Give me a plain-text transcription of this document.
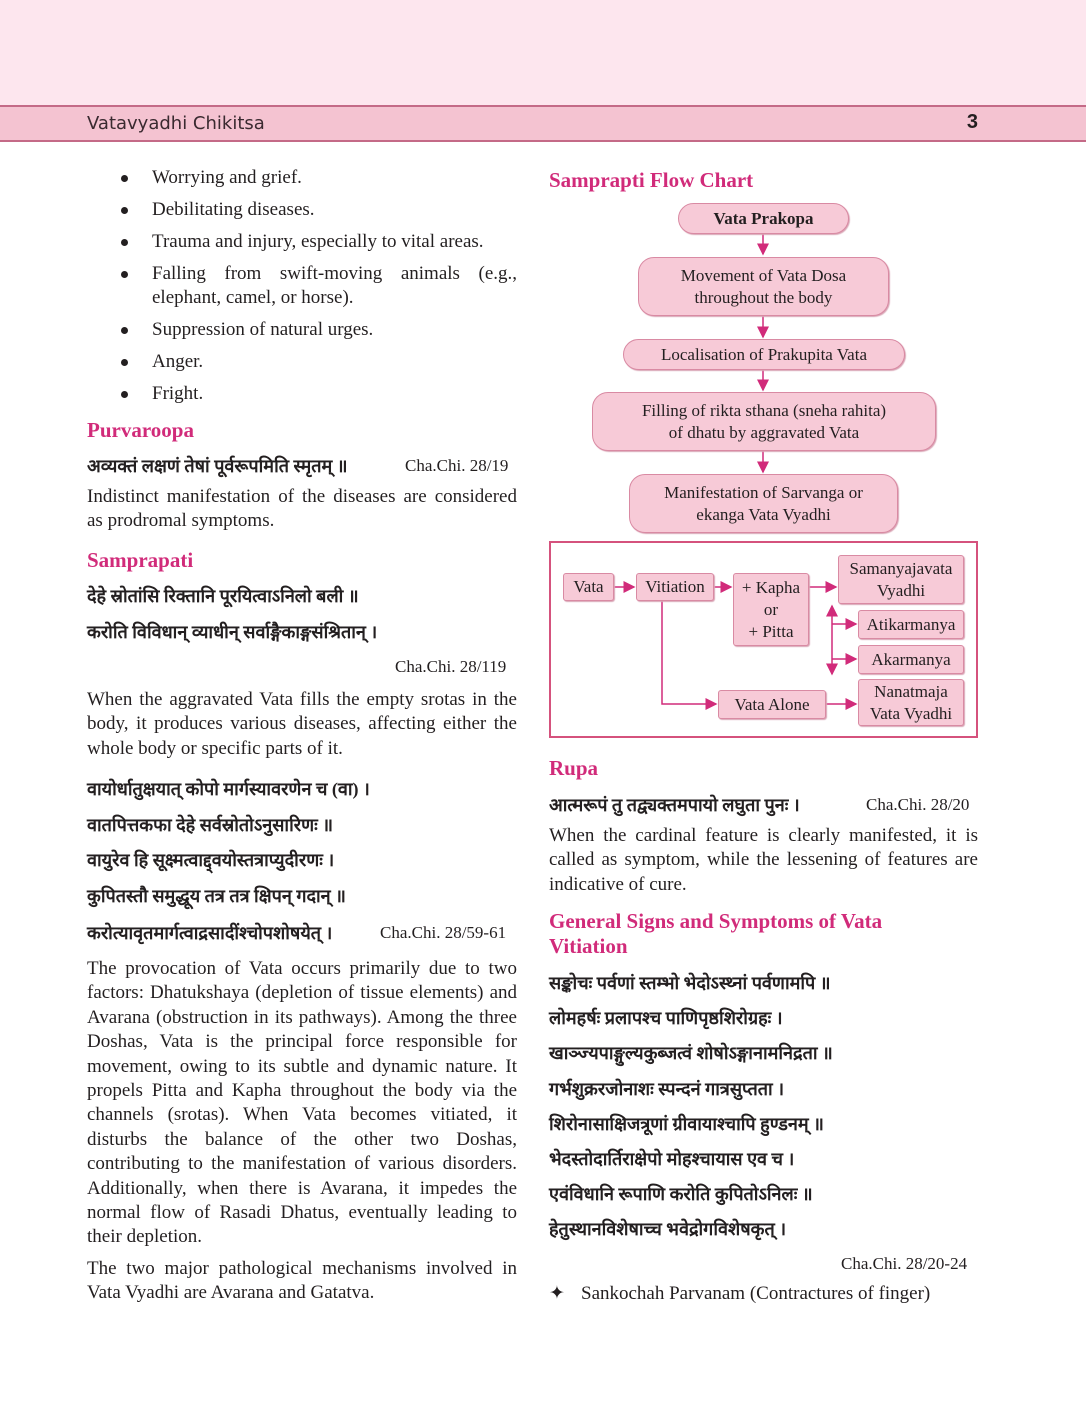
Vatavyadhi Chikitsa	3
Worrying and grief.
Debilitating diseases.
Trauma and injury, especially to vital areas.
Falling from swift-moving animals (e.g., elephant, camel, or horse).
Suppression of natural urges.
Anger.
Fright.
Purvaroopa
अव्यक्तं लक्षणं तेषां पूर्वरूपमिति स्मृतम् ॥	Cha.Chi. 28/19
Indistinct manifestation of the diseases are considered as prodromal symptoms.
Samprapati
देहे स्रोतांसि रिक्तानि पूरयित्वाऽनिलो बली ॥
करोति विविधान् व्याधीन् सर्वाङ्गैकाङ्गसंश्रितान् ।
Cha.Chi. 28/119
When the aggravated Vata fills the empty srotas in the body, it produces various diseases, affecting either the whole body or specific parts of it.
वायोर्धातुक्षयात् कोपो मार्गस्यावरणेन च (वा) ।
वातपित्तकफा देहे सर्वस्रोतोऽनुसारिणः ॥
वायुरेव हि सूक्ष्मत्वाद्द्वयोस्तत्राप्युदीरणः ।
कुपितस्तौ समुद्धूय तत्र तत्र क्षिपन् गदान् ॥
करोत्यावृतमार्गत्वाद्रसादींश्चोपशोषयेत् ।	Cha.Chi. 28/59-61
The provocation of Vata occurs primarily due to two factors: Dhatukshaya (depletion of tissue elements) and Avarana (obstruction in its pathways). Among the three Doshas, Vata is the principal force responsible for movement, owing to its subtle and dynamic nature. It propels Pitta and Kapha throughout the body via the channels (srotas). When Vata becomes vitiated, it disturbs the balance of the other two Doshas, contributing to the manifestation of various disorders. Additionally, when there is Avarana, it impedes the normal flow of Rasadi Dhatus, eventually leading to their depletion.
The two major pathological mechanisms involved in Vata Vyadhi are Avarana and Gatatva.
Samprapti Flow Chart
Vata Prakopa
Movement of Vata Dosa
throughout the body
Localisation of Prakupita Vata
Filling of rikta sthana (sneha rahita)
of dhatu by aggravated Vata
Manifestation of Sarvanga or
ekanga Vata Vyadhi
Vata Vitiation + Kapha
or
+ Pitta
Samanyajavata
Vyadhi
Atikarmanya
Akarmanya
Vata Alone
Nanatmaja
Vata Vyadhi
Rupa
आत्मरूपं तु तद्व्यक्तमपायो लघुता पुनः ।	Cha.Chi. 28/20
When the cardinal feature is clearly manifested, it is called as symptom, while the lessening of features are indicative of cure.
General Signs and Symptoms of Vata Vitiation
सङ्कोचः पर्वणां स्तम्भो भेदोऽस्थ्नां पर्वणामपि ॥
लोमहर्षः प्रलापश्च पाणिपृष्ठशिरोग्रहः ।
खाञ्ज्यपाङ्गुल्यकुब्जत्वं शोषोऽङ्गानामनिद्रता ॥
गर्भशुक्ररजोनाशः स्पन्दनं गात्रसुप्तता ।
शिरोनासाक्षिजत्रूणां ग्रीवायाश्चापि हुण्डनम् ॥
भेदस्तोदार्तिराक्षेपो मोहश्चायास एव च ।
एवंविधानि रूपाणि करोति कुपितोऽनिलः ॥
हेतुस्थानविशेषाच्च भवेद्रोगविशेषकृत् ।
Cha.Chi. 28/20-24
✦ Sankochah Parvanam (Contractures of finger)
